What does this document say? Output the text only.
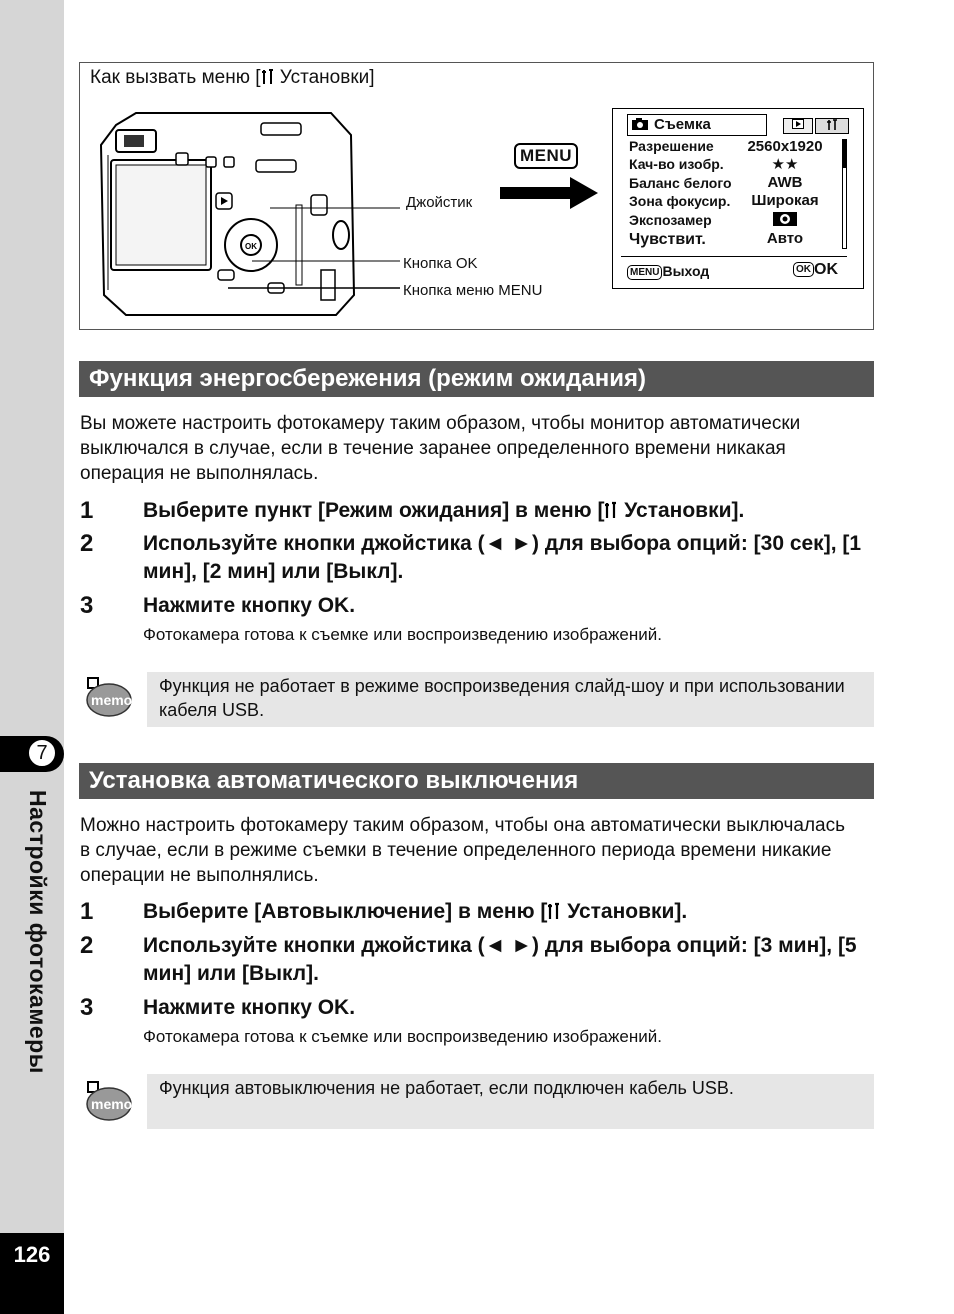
7
Настройки фотокамеры
126
Как вызвать меню [ Установки]
OK
Джойстик
Кнопка OK
Кнопка меню MENU
MENU
Съемка
Разрешение	2560x1920
Кач-во изобр.	★★
Баланс белого	AWB
Зона фокусир.	Широкая
Экспозамер
Чувствит.	Авто
MENU Выход	OK OK
Функция энергосбережения (режим ожидания)
Вы можете настроить фотокамеру таким образом, чтобы монитор автоматически выключался в случае, если в течение заранее определенного времени никакая операция не выполнялась.
1 Выберите пункт [Режим ожидания] в меню [ Установки].
2 Используйте кнопки джойстика (◄ ►) для выбора опций: [30 сек], [1 мин], [2 мин] или [Выкл].
3 Нажмите кнопку OK.
Фотокамера готова к съемке или воспроизведению изображений.
memo
Функция не работает в режиме воспроизведения слайд-шоу и при использовании кабеля USB.
Установка автоматического выключения
Можно настроить фотокамеру таким образом, чтобы она автоматически выключалась в случае, если в режиме съемки в течение определенного периода времени никакие операции не выполнялись.
1 Выберите [Автовыключение] в меню [ Установки].
2 Используйте кнопки джойстика (◄ ►) для выбора опций: [3 мин], [5 мин] или [Выкл].
3 Нажмите кнопку OK.
Фотокамера готова к съемке или воспроизведению изображений.
memo
Функция автовыключения не работает, если подключен кабель USB.
